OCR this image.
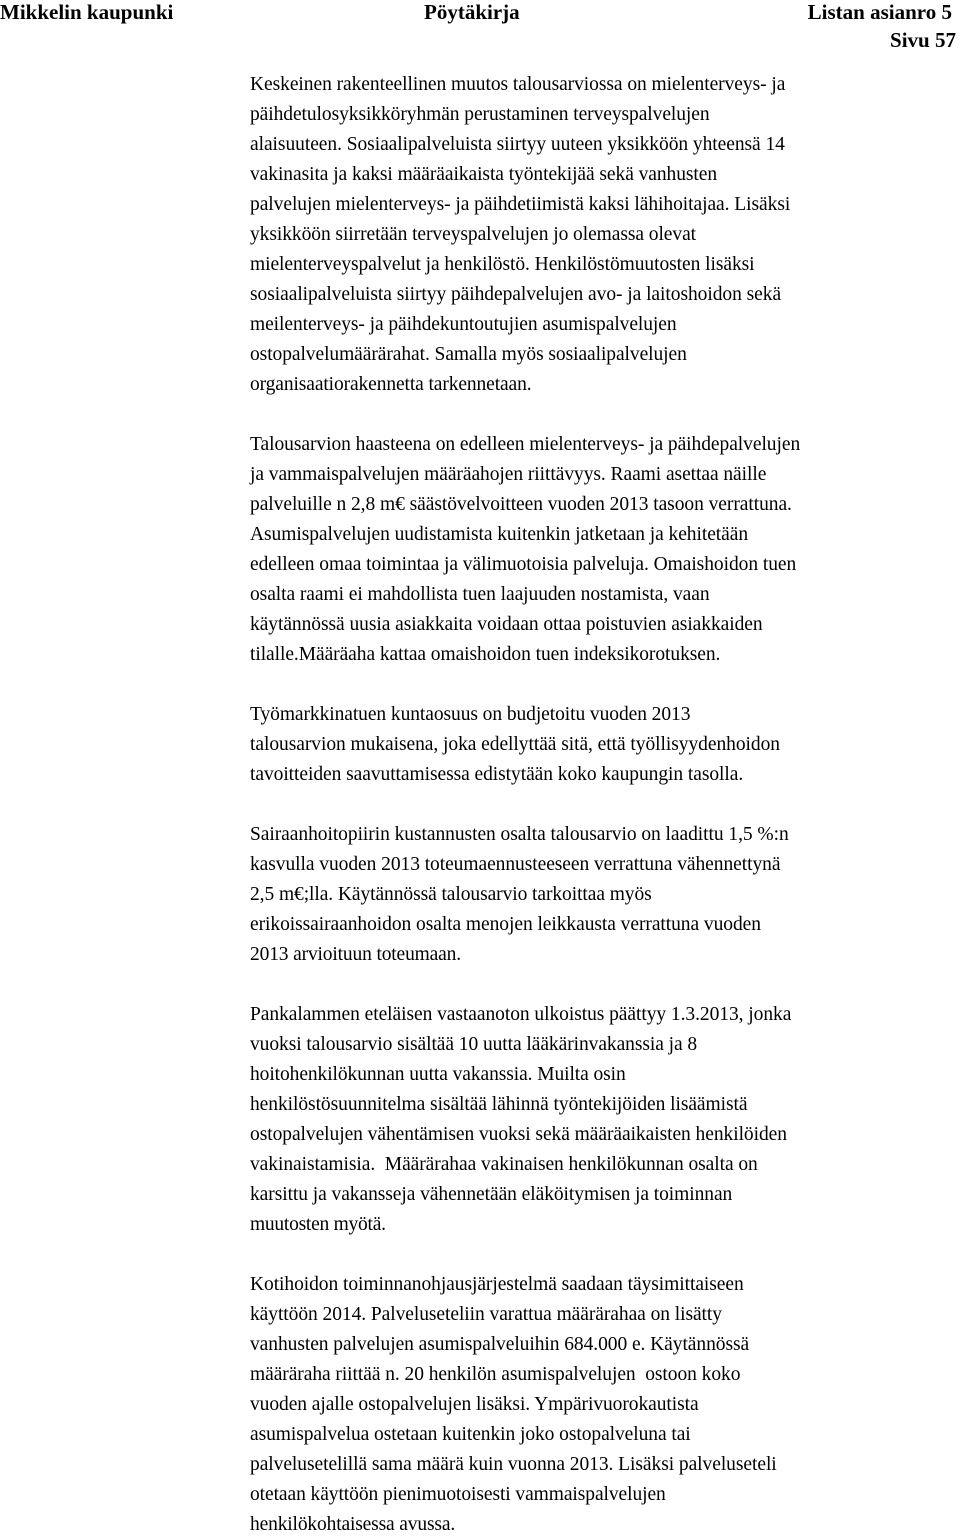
Mikkelin kaupunki	Pöytäkirja	Listan asianro 5
Sivu 57
Keskeinen rakenteellinen muutos talousarviossa on mielenterveys- ja
päihdetulosyksikköryhmän perustaminen terveyspalvelujen
alaisuuteen. Sosiaalipalveluista siirtyy uuteen yksikköön yhteensä 14
vakinasita ja kaksi määräaikaista työntekijää sekä vanhusten
palvelujen mielenterveys- ja päihdetiimistä kaksi lähihoitajaa. Lisäksi
yksikköön siirretään terveyspalvelujen jo olemassa olevat
mielenterveyspalvelut ja henkilöstö. Henkilöstömuutosten lisäksi
sosiaalipalveluista siirtyy päihdepalvelujen avo- ja laitoshoidon sekä
meilenterveys- ja päihdekuntoutujien asumispalvelujen
ostopalvelumäärärahat. Samalla myös sosiaalipalvelujen
organisaatiorakennetta tarkennetaan.
Talousarvion haasteena on edelleen mielenterveys- ja päihdepalvelujen
ja vammaispalvelujen määräahojen riittävyys. Raami asettaa näille
palveluille n 2,8 m€ säästövelvoitteen vuoden 2013 tasoon verrattuna.
Asumispalvelujen uudistamista kuitenkin jatketaan ja kehitetään
edelleen omaa toimintaa ja välimuotoisia palveluja. Omaishoidon tuen
osalta raami ei mahdollista tuen laajuuden nostamista, vaan
käytännössä uusia asiakkaita voidaan ottaa poistuvien asiakkaiden
tilalle.Määräaha kattaa omaishoidon tuen indeksikorotuksen.
Työmarkkinatuen kuntaosuus on budjetoitu vuoden 2013
talousarvion mukaisena, joka edellyttää sitä, että työllisyydenhoidon
tavoitteiden saavuttamisessa edistytään koko kaupungin tasolla.
Sairaanhoitopiirin kustannusten osalta talousarvio on laadittu 1,5 %:n
kasvulla vuoden 2013 toteumaennusteeseen verrattuna vähennettynä
2,5 m€;lla. Käytännössä talousarvio tarkoittaa myös
erikoissairaanhoidon osalta menojen leikkausta verrattuna vuoden
2013 arvioituun toteumaan.
Pankalammen eteläisen vastaanoton ulkoistus päättyy 1.3.2013, jonka
vuoksi talousarvio sisältää 10 uutta lääkärinvakanssia ja 8
hoitohenkilökunnan uutta vakanssia. Muilta osin
henkilöstösuunnitelma sisältää lähinnä työntekijöiden lisäämistä
ostopalvelujen vähentämisen vuoksi sekä määräaikaisten henkilöiden
vakinaistamisia.  Määrärahaa vakinaisen henkilökunnan osalta on
karsittu ja vakansseja vähennetään eläköitymisen ja toiminnan
muutosten myötä.
Kotihoidon toiminnanohjausjärjestelmä saadaan täysimittaiseen
käyttöön 2014. Palveluseteliin varattua määrärahaa on lisätty
vanhusten palvelujen asumispalveluihin 684.000 e. Käytännössä
määräraha riittää n. 20 henkilön asumispalvelujen  ostoon koko
vuoden ajalle ostopalvelujen lisäksi. Ympärivuorokautista
asumispalvelua ostetaan kuitenkin joko ostopalveluna tai
palvelusetelillä sama määrä kuin vuonna 2013. Lisäksi palveluseteli
otetaan käyttöön pienimuotoisesti vammaispalvelujen
henkilökohtaisessa avussa.
